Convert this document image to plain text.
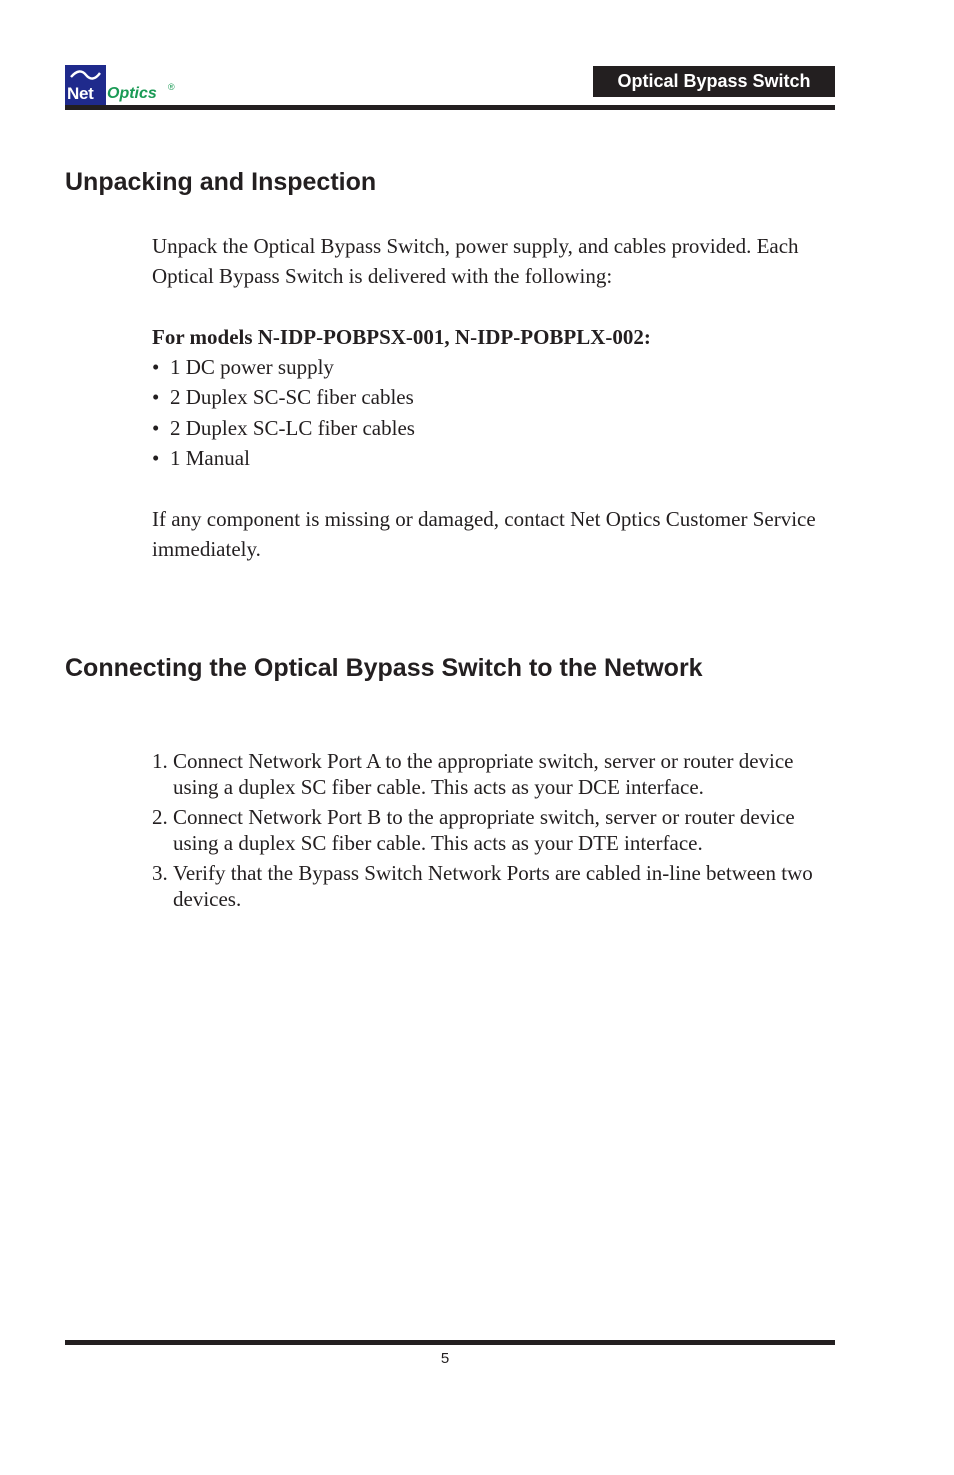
Net Optics ®	Optical Bypass Switch
Unpacking and Inspection

Unpack the Optical Bypass Switch, power supply, and cables provided. Each Optical Bypass Switch is delivered with the following:

For models N-IDP-POBPSX-001, N-IDP-POBPLX-002:
• 1 DC power supply
• 2 Duplex SC-SC fiber cables
• 2 Duplex SC-LC fiber cables
• 1 Manual

If any component is missing or damaged, contact Net Optics Customer Service immediately.

Connecting the Optical Bypass Switch to the Network
1. Connect Network Port A to the appropriate switch, server or router device using a duplex SC fiber cable. This acts as your DCE interface.
2. Connect Network Port B to the appropriate switch, server or router device using a duplex SC fiber cable. This acts as your DTE interface.
3. Verify that the Bypass Switch Network Ports are cabled in-line between two devices.
5
